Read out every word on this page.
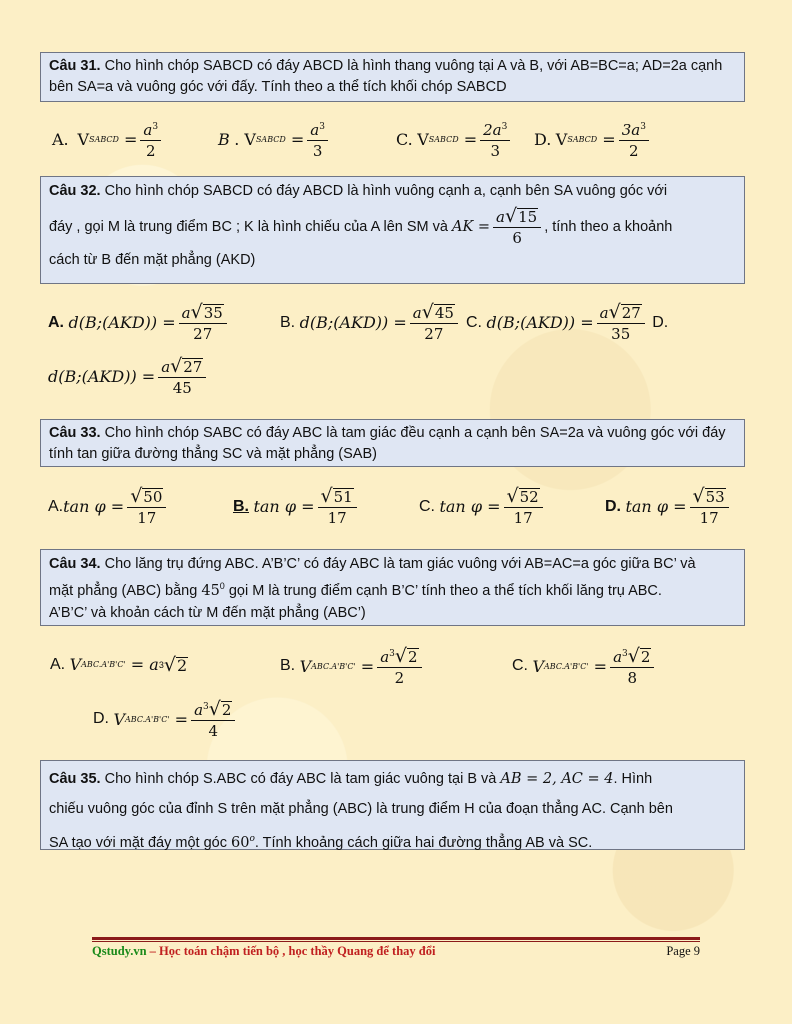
Câu 31. Cho hình chóp SABCD có đáy ABCD là hình thang vuông tại A và B, với AB=BC=a; AD=2a cạnh bên SA=a và vuông góc với đấy. Tính theo a thể tích khối chóp SABCD
A.
V SABCD = $\frac{a^3}{2}$	B
. V SABCD = $\frac{a^3}{3}$	C.
V SABCD = $\frac{2a^3}{3} D$.
V SABCD = $\frac{3a^3}{2}$
Câu 32. Cho hình chóp SABCD có đáy ABCD là hình vuông cạnh a, cạnh bên SA vuông góc với
đáy , gọi M là trung điểm BC ; K là hình chiếu của A lên SM và AK = $\frac{a √ 15}{6}$ , tính theo a khoảnh
cách từ B đến mặt phẳng (AKD)
A.
d(B;(AKD)) = $\frac{a √ 35}{27}$	B.
d(B;(AKD)) = $\frac{a √ 45}{27} C$.
d(B;(AKD)) = $\frac{a √ 27}{35}$
D.
d(B;(AKD)) = $\frac{a √ 27}{45}$
Câu 33. Cho hình chóp SABC có đáy ABC là tam giác đều cạnh a cạnh bên SA=2a và vuông góc với đáy tính tan giữa đường thẳng SC và mặt phẳng (SAB)
A. $\tan \varphi = \frac{√ 50}{17}$	B.
$\tan \varphi = \frac{√ 51}{17}$	C.
$\tan \varphi = \frac{√ 52}{17}$	D.
$\tan \varphi = \frac{√ 53}{17}$
Câu 34. Cho lăng trụ đứng ABC. A’B’C’ có đáy ABC là tam giác vuông với AB=AC=a góc giữa BC’ và
mặt phẳng (ABC) bằng $45^0$ gọi M là trung điểm cạnh B’C’ tính theo a thể tích khối lăng trụ ABC.
A’B’C’ và khoản cách từ M đến mặt phẳng (ABC’)
A.
V ABC.A'B'C' = a 3 √ 2	B.
V $ABC.A'B'C' = \frac{a^3 √ 2}{2}$	C.
V $ABC.A'B'C' = \frac{a^3 √ 2}{8}$
D.
V $ABC.A'B'C' = \frac{a^3 √ 2}{4}$
Câu 35. Cho hình chóp S.ABC có đáy ABC là tam giác vuông tại B và AB = 2, AC = 4. Hình
chiếu vuông góc của đỉnh S trên mặt phẳng (ABC) là trung điểm H của đoạn thẳng AC. Cạnh bên
SA tạo với mặt đáy một góc 60$^o$. Tính khoảng cách giữa hai đường thẳng AB và SC.
Qstudy.vn – Học toán chậm tiến bộ , học thầy Quang để thay đổi	Page 9
